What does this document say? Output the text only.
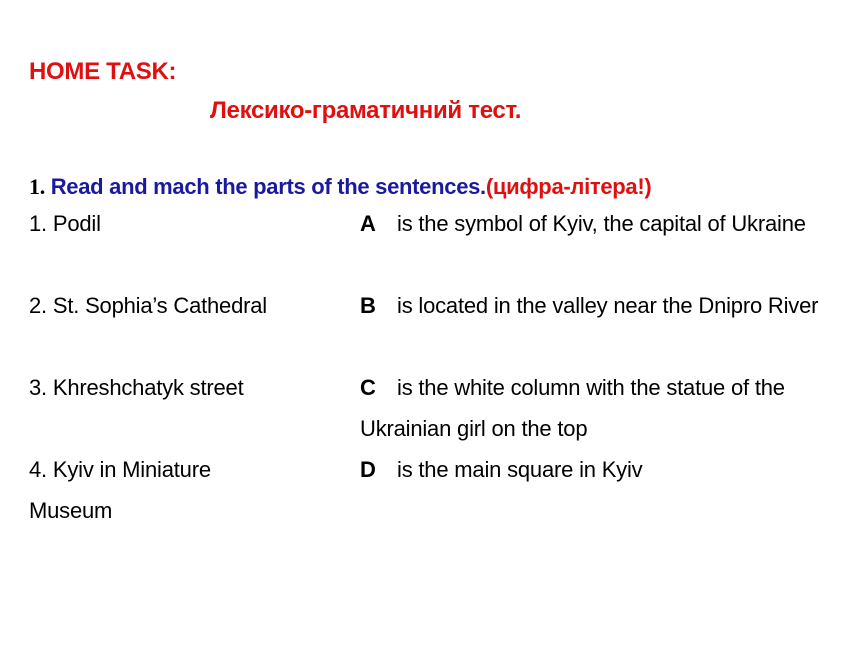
HOME TASK:
Лексико-граматичний тест.
1. Read and mach the parts of the sentences.(цифра-літера!)
1. Podil
2. St. Sophia’s Cathedral
3. Khreshchatyk street
4. Kyiv in Miniature Museum
A is the symbol of Kyiv, the capital of Ukraine
B is located in the valley near the Dnipro River
C is the white column with the statue of the Ukrainian girl on the top
D is the main square in Kyiv
